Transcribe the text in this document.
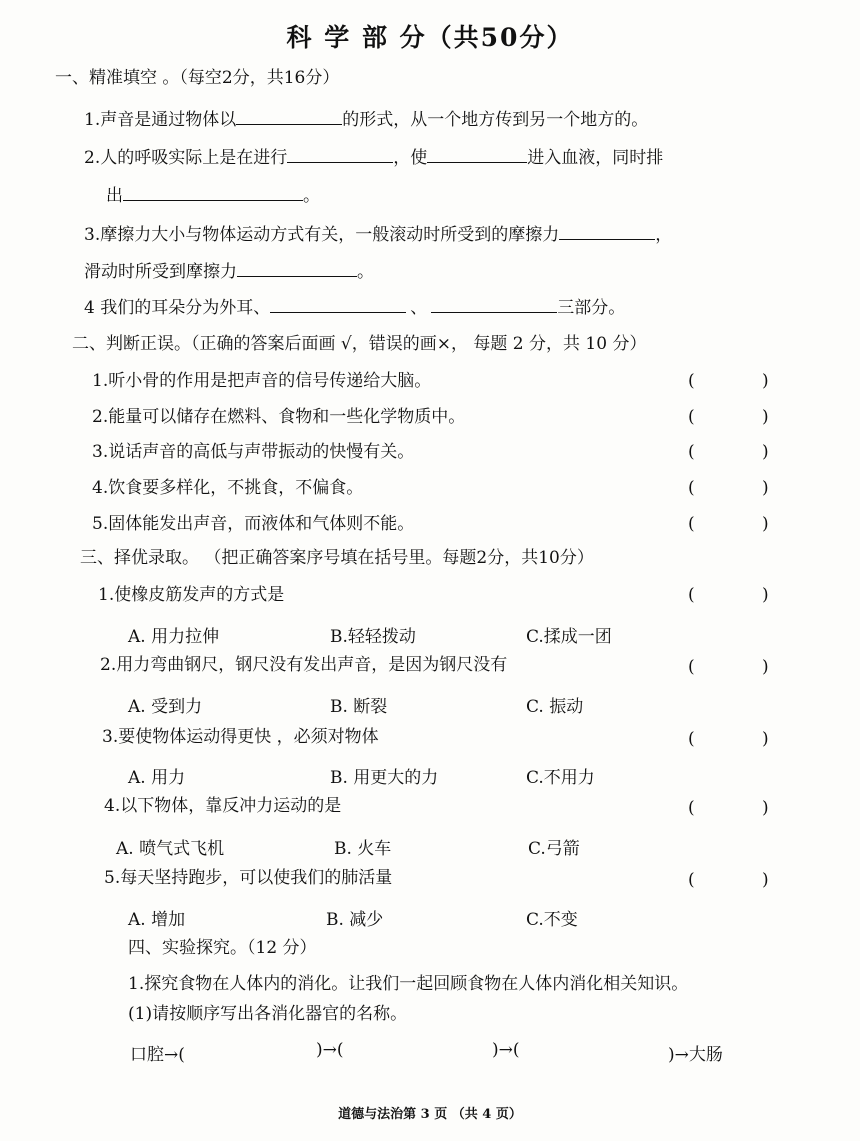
科 学 部 分（共50分）
一、精准填空 。（每空2分，共16分）
1.声音是通过物体以	的形式，从一个地方传到另一个地方的。
2.人的呼吸实际上是在进行	，使	进入血液，同时排
出	。
3.摩擦力大小与物体运动方式有关，一般滚动时所受到的摩擦力	，
滑动时所受到摩擦力	。
4 我们的耳朵分为外耳、	、	三部分。
二、判断正误。（正确的答案后面画 √，错误的画×， 每题 2 分，共 10 分）
1.听小骨的作用是把声音的信号传递给大脑。	(	)
2.能量可以储存在燃料、食物和一些化学物质中。	(	)
3.说话声音的高低与声带振动的快慢有关。	(	)
4.饮食要多样化，不挑食，不偏食。	(	)
5.固体能发出声音，而液体和气体则不能。	(	)
三、择优录取。 （把正确答案序号填在括号里。每题2分，共10分）
1.使橡皮筋发声的方式是	(	)
A. 用力拉伸	B.轻轻拨动	C.揉成一团
2.用力弯曲钢尺，钢尺没有发出声音，是因为钢尺没有	(	)
A. 受到力	B. 断裂	C. 振动
3.要使物体运动得更快 ，必须对物体	(	)
A. 用力	B. 用更大的力	C.不用力
4.以下物体，靠反冲力运动的是	(	)
A. 喷气式飞机	B. 火车	C.弓箭
5.每天坚持跑步，可以使我们的肺活量	(	)
A. 增加	B. 减少	C.不变
四、实验探究。（12 分）
1.探究食物在人体内的消化。让我们一起回顾食物在人体内消化相关知识。
(1)请按顺序写出各消化器官的名称。
口腔→(	)→(	)→(	)→大肠
道德与法治第 3 页 （共 4 页）
